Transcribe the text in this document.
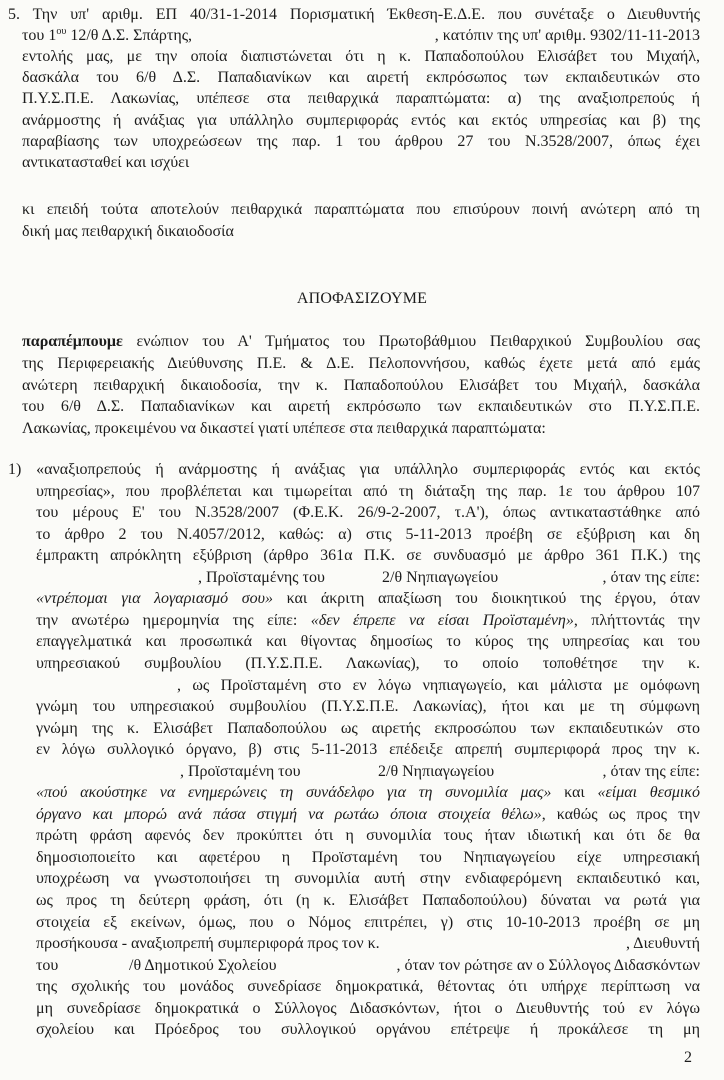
ΑΠΟΦΑΣΙΖΟΥΜΕ
2
5. Την υπ' αριθμ. ΕΠ 40/31-1-2014 Πορισματική Έκθεση-Ε.Δ.Ε. που συνέταξε ο Διευθυντής
του $1^{o\upsilon}$ 12/θ Δ.Σ. Σπάρτης,	, κατόπιν της υπ' αριθμ. 9302/11-11-2013
εντολής μας, με την οποία διαπιστώνεται ότι η κ. Παπαδοπούλου Ελισάβετ του Μιχαήλ,
δασκάλα του 6/θ Δ.Σ. Παπαδιανίκων και αιρετή εκπρόσωπος των εκπαιδευτικών στο
Π.Υ.Σ.Π.Ε. Λακωνίας, υπέπεσε στα πειθαρχικά παραπτώματα: α) της αναξιοπρεπούς ή
ανάρμοστης ή ανάξιας για υπάλληλο συμπεριφοράς εντός και εκτός υπηρεσίας και β) της
παραβίασης των υποχρεώσεων της παρ. 1 του άρθρου 27 του Ν.3528/2007, όπως έχει
αντικατασταθεί και ισχύει
κι επειδή τούτα αποτελούν πειθαρχικά παραπτώματα που επισύρουν ποινή ανώτερη από τη
δική μας πειθαρχική δικαιοδοσία
παραπέμπουμε ενώπιον του Α' Τμήματος του Πρωτοβάθμιου Πειθαρχικού Συμβουλίου σας
της Περιφερειακής Διεύθυνσης Π.Ε. & Δ.Ε. Πελοποννήσου, καθώς έχετε μετά από εμάς
ανώτερη πειθαρχική δικαιοδοσία, την κ. Παπαδοπούλου Ελισάβετ του Μιχαήλ, δασκάλα
του 6/θ Δ.Σ. Παπαδιανίκων και αιρετή εκπρόσωπο των εκπαιδευτικών στο Π.Υ.Σ.Π.Ε.
Λακωνίας, προκειμένου να δικαστεί γιατί υπέπεσε στα πειθαρχικά παραπτώματα:
1) «αναξιοπρεπούς ή ανάρμοστης ή ανάξιας για υπάλληλο συμπεριφοράς εντός και εκτός
υπηρεσίας», που προβλέπεται και τιμωρείται από τη διάταξη της παρ. 1ε του άρθρου 107
του μέρους Ε' του Ν.3528/2007 (Φ.Ε.Κ. 26/9-2-2007, τ.Α'), όπως αντικαταστάθηκε από
το άρθρο 2 του Ν.4057/2012, καθώς: α) στις 5-11-2013 προέβη σε εξύβριση και δη
έμπρακτη απρόκλητη εξύβριση (άρθρο 361α Π.Κ. σε συνδυασμό με άρθρο 361 Π.Κ.) της
, Προϊσταμένης του	2/θ Νηπιαγωγείου	, όταν της είπε:
«ντρέπομαι για λογαριασμό σου» και άκριτη απαξίωση του διοικητικού της έργου, όταν
την ανωτέρω ημερομηνία της είπε: «δεν έπρεπε να είσαι Προϊσταμένη», πλήττοντάς την
επαγγελματικά και προσωπικά και θίγοντας δημοσίως το κύρος της υπηρεσίας και του
υπηρεσιακού συμβουλίου (Π.Υ.Σ.Π.Ε. Λακωνίας), το οποίο τοποθέτησε την κ.
, ως Προϊσταμένη στο εν λόγω νηπιαγωγείο, και μάλιστα με ομόφωνη
γνώμη του υπηρεσιακού συμβουλίου (Π.Υ.Σ.Π.Ε. Λακωνίας), ήτοι και με τη σύμφωνη
γνώμη της κ. Ελισάβετ Παπαδοπούλου ως αιρετής εκπροσώπου των εκπαιδευτικών στο
εν λόγω συλλογικό όργανο, β) στις 5-11-2013 επέδειξε απρεπή συμπεριφορά προς την κ.
, Προϊσταμένη του	2/θ Νηπιαγωγείου	, όταν της είπε:
«πού ακούστηκε να ενημερώνεις τη συνάδελφο για τη συνομιλία μας» και «είμαι θεσμικό
όργανο και μπορώ ανά πάσα στιγμή να ρωτάω όποια στοιχεία θέλω», καθώς ως προς την
πρώτη φράση αφενός δεν προκύπτει ότι η συνομιλία τους ήταν ιδιωτική και ότι δε θα
δημοσιοποιείτο και αφετέρου η Προϊσταμένη του Νηπιαγωγείου είχε υπηρεσιακή
υποχρέωση να γνωστοποιήσει τη συνομιλία αυτή στην ενδιαφερόμενη εκπαιδευτικό και,
ως προς τη δεύτερη φράση, ότι (η κ. Ελισάβετ Παπαδοπούλου) δύναται να ρωτά για
στοιχεία εξ εκείνων, όμως, που ο Νόμος επιτρέπει, γ) στις 10-10-2013 προέβη σε μη
προσήκουσα - αναξιοπρεπή συμπεριφορά προς τον κ.	, Διευθυντή
του	/θ Δημοτικού Σχολείου	, όταν τον ρώτησε αν ο Σύλλογος Διδασκόντων
της σχολικής του μονάδος συνεδρίασε δημοκρατικά, θέτοντας ότι υπήρχε περίπτωση να
μη συνεδρίασε δημοκρατικά ο Σύλλογος Διδασκόντων, ήτοι ο Διευθυντής τού εν λόγω
σχολείου και Πρόεδρος του συλλογικού οργάνου επέτρεψε ή προκάλεσε τη μη
